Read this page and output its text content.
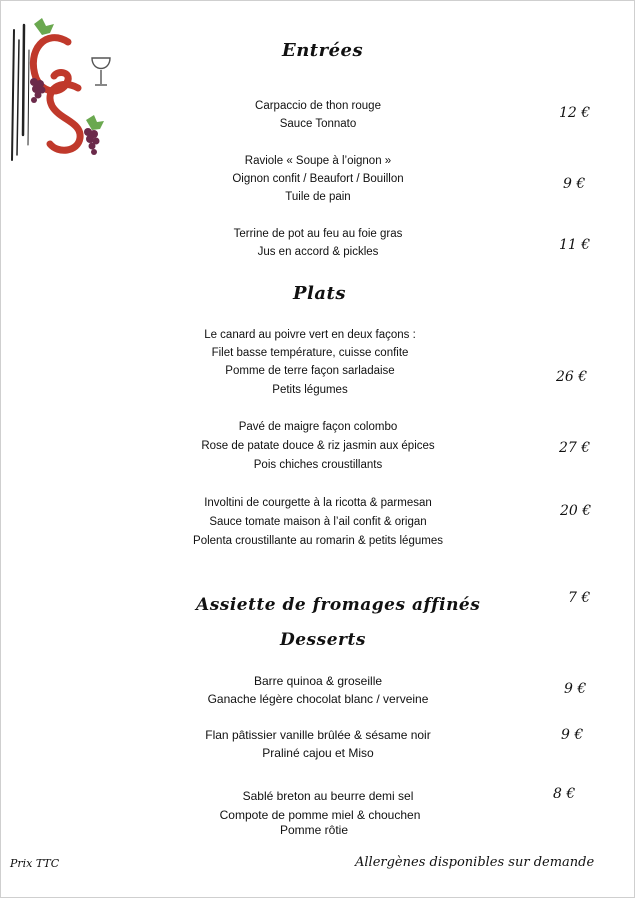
Entrées
Carpaccio de thon rouge
Sauce Tonnato
12 €
Raviole « Soupe à l’oignon »
Oignon confit / Beaufort / Bouillon
Tuile de pain
9 €
Terrine de pot au feu au foie gras
Jus en accord & pickles	11 €
Plats
Le canard au poivre vert en deux façons :
Filet basse température, cuisse confite
Pomme de terre façon sarladaise
Petits légumes
26 €
Pavé de maigre façon colombo
Rose de patate douce & riz jasmin aux épices
Pois chiches croustillants
27 €
Involtini de courgette à la ricotta & parmesan
Sauce tomate maison à l’ail confit & origan
Polenta croustillante au romarin & petits légumes
20 €
Assiette de fromages affinés	7 €
Desserts
Barre quinoa & groseille
Ganache légère chocolat blanc / verveine
9 €
Flan pâtissier vanille brûlée & sésame noir
Praliné cajou et Miso
9 €
Sablé breton au beurre demi sel
Compote de pomme miel & chouchen
Pomme rôtie
8 €
Prix TTC	Allergènes disponibles sur demande
